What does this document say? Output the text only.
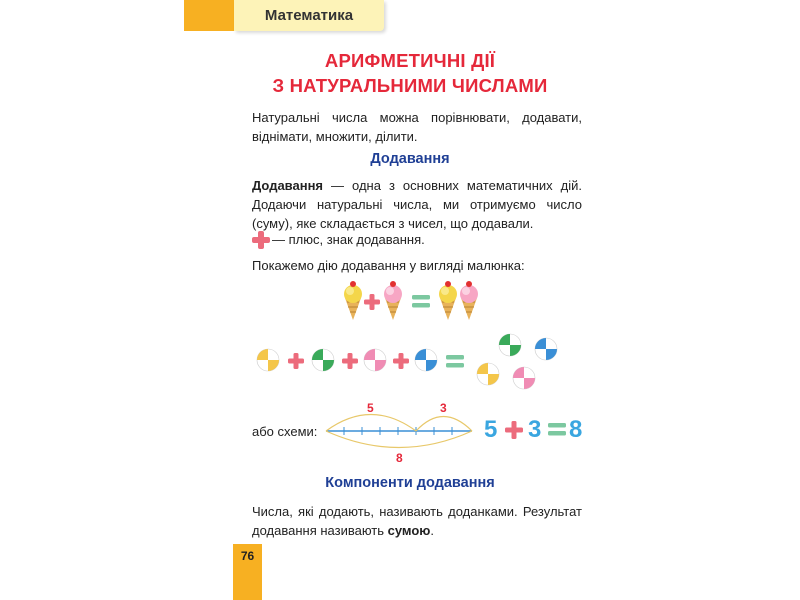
Математика
АРИФМЕТИЧНІ ДІЇ
З НАТУРАЛЬНИМИ ЧИСЛАМИ
Натуральні числа можна порівнювати, додавати, віднімати, множити, ділити.
Додавання
Додавання — одна з основних математичних дій. Додаючи натуральні числа, ми отримуємо число (суму), яке складається з чисел, що додавали.
— плюс, знак додавання.
Покажемо дію додавання у вигляді малюнка:
5	3
8
або схеми:	5 3 8
Компоненти додавання
Числа, які додають, називають доданками. Результат додавання називають сумою.
76
